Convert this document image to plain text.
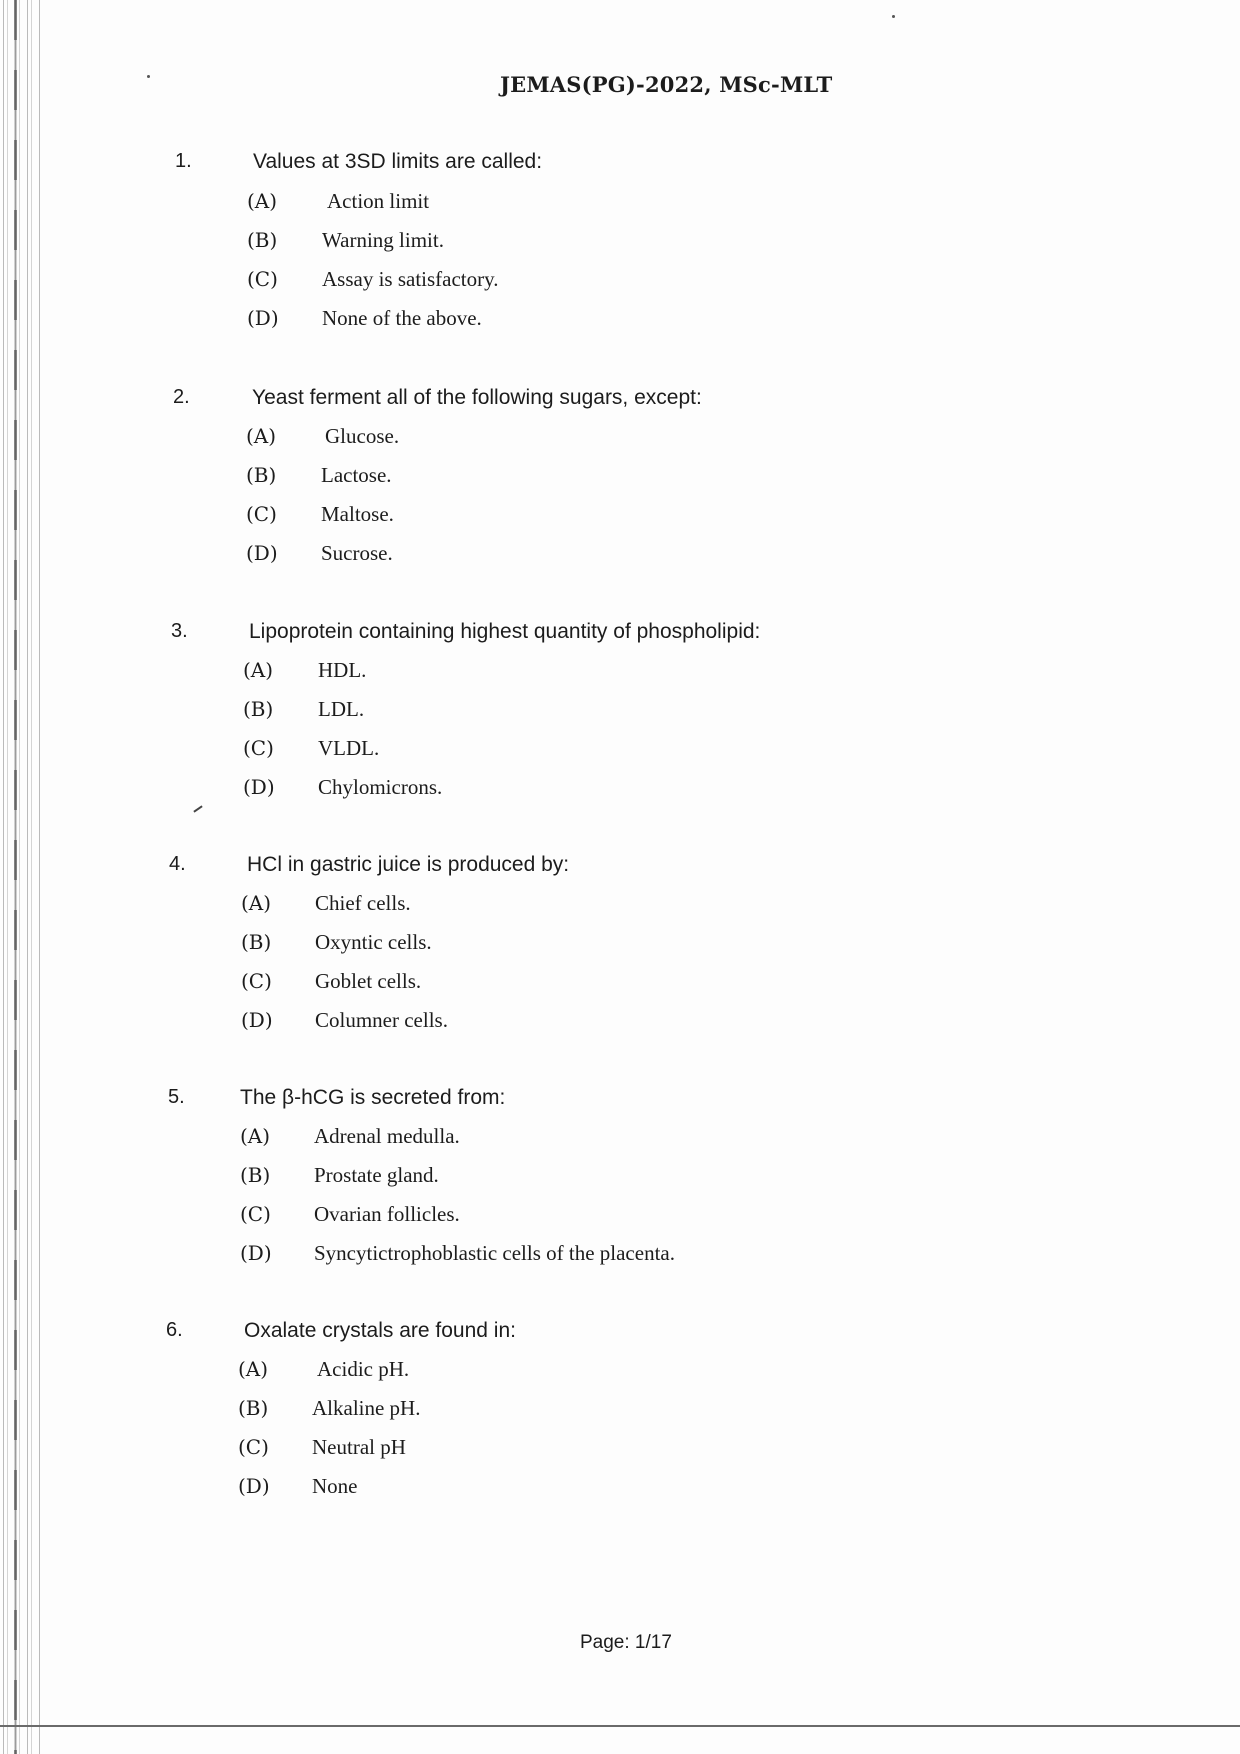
JEMAS(PG)-2022, MSc-MLT
1.	Values at 3SD limits are called:
(A) Action limit
(B) Warning limit.
(C) Assay is satisfactory.
(D) None of the above.
2.	Yeast ferment all of the following sugars, except:
(A) Glucose.
(B) Lactose.
(C) Maltose.
(D) Sucrose.
3.	Lipoprotein containing highest quantity of phospholipid:
(A) HDL.
(B) LDL.
(C) VLDL.
(D) Chylomicrons.
4.	HCl in gastric juice is produced by:
(A) Chief cells.
(B) Oxyntic cells.
(C) Goblet cells.
(D) Columner cells.
5.	The β-hCG is secreted from:
(A) Adrenal medulla.
(B) Prostate gland.
(C) Ovarian follicles.
(D) Syncytictrophoblastic cells of the placenta.
6.	Oxalate crystals are found in:
(A) Acidic pH.
(B) Alkaline pH.
(C) Neutral pH
(D) None
Page: 1/17
